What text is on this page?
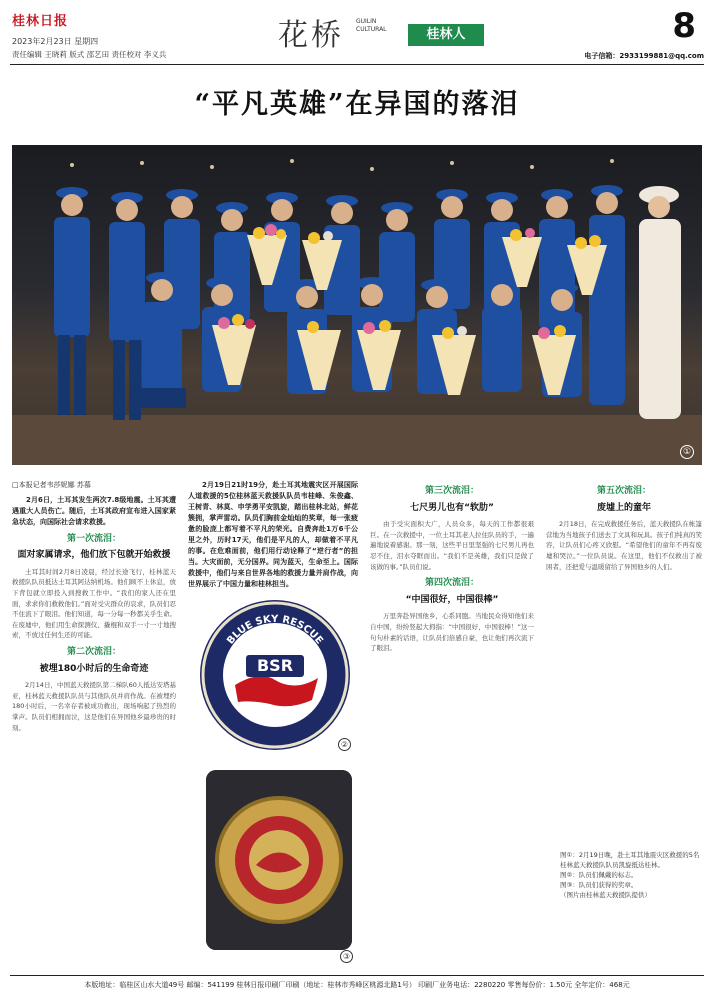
桂林日报
2023年2月23日 星期四
责任编辑 王晓莉 版式 邵艺田 责任校对 李义兵
花桥 GUILIN CULTURAL	桂林人	8
电子信箱：2933199881@qq.com
“平凡英雄”在异国的落泪
①
□本报记者韦莎妮娜 苏慕

2月6日，土耳其发生两次7.8级地震。土耳其遭遇重大人员伤亡。随后，土耳其政府宣布进入国家紧急状态，向国际社会请求救援。

第一次流泪：
面对家属请求，他们放下包就开始救援

土耳其时间2月8日凌晨，经过长途飞行，桂林蓝天救援队队员抵达土耳其阿达纳机场。他们顾不上休息，放下背包就立即投入到搜救工作中。“我们的家人还在里面，求求你们救救他们。”面对受灾群众的哀求，队员们忍不住流下了眼泪。他们知道，每一分每一秒都关乎生命。在废墟中，他们用生命探测仪、撬棍和双手一寸一寸地搜索，不放过任何生还的可能。

第二次流泪：
被埋180小时后的生命奇迹

2月14日，中国蓝天救援队第二梯队60人抵达安塔基亚，桂林蓝天救援队队员与其他队员并肩作战。在被埋约180小时后，一名幸存者被成功救出，现场响起了热烈的掌声。队员们相拥而泣，这是他们在异国他乡最珍贵的时刻。

2月19日21时19分，赴土耳其地震灾区开展国际人道救援的5位桂林蓝天救援队队员韦桂峰、朱俊鑫、王树青、林莫、申学勇平安凯旋，踏出桂林北站，鲜花簇拥，掌声雷动。队员们胸前金灿灿的奖章，每一张疲惫的脸庞上都写着不平凡的荣光。自费奔赴1万6千公里之外，历时17天，他们是平凡的人，却做着不平凡的事。在危难面前，他们用行动诠释了“逆行者”的担当。大灾面前，无分国界。同为蓝天，生命至上。国际救援中，他们与来自世界各地的救援力量并肩作战，向世界展示了中国力量和桂林担当。

BSR
BLUE SKY RESCUE
②
③
第三次流泪：
七尺男儿也有“软肋”

由于受灾面积大广，人员众多，每天的工作都很艰巨。在一次救援中，一位土耳其老人拉住队员的手，一遍遍地说着感谢。那一刻，这些平日里坚强的七尺男儿再也忍不住，泪水夺眶而出。“我们不是英雄，我们只是做了该做的事。”队员们说。

第四次流泪：
“中国很好，中国很棒”

万里奔赴异国他乡，心系同胞。当地民众得知他们来自中国，纷纷竖起大拇指：“中国很好，中国很棒！”这一句句朴素的话语，让队员们倍感自豪，也让他们再次流下了眼泪。

第五次流泪：
废墟上的童年

2月18日，在完成救援任务后，蓝天救援队在帐篷营地为当地孩子们送去了文具和玩具。孩子们纯真的笑容，让队员们心疼又欣慰。“希望他们的童年不再有废墟和哭泣。”一位队员说。在这里，他们不仅救出了被困者，还把爱与温暖留给了异国他乡的人们。

图①：2月19日晚，赴土耳其地震灾区救援的5名桂林蓝天救援队队员凯旋抵达桂林。
图②：队员们佩戴的标志。
图③：队员们获得的奖章。
（图片由桂林蓝天救援队提供）
本版地址：临桂区山水大道49号 邮编：541199 桂林日报印刷厂印刷（地址：桂林市秀峰区桃源北路1号） 印刷厂业务电话：2280220 零售每份价：1.50元 全年定价：468元
